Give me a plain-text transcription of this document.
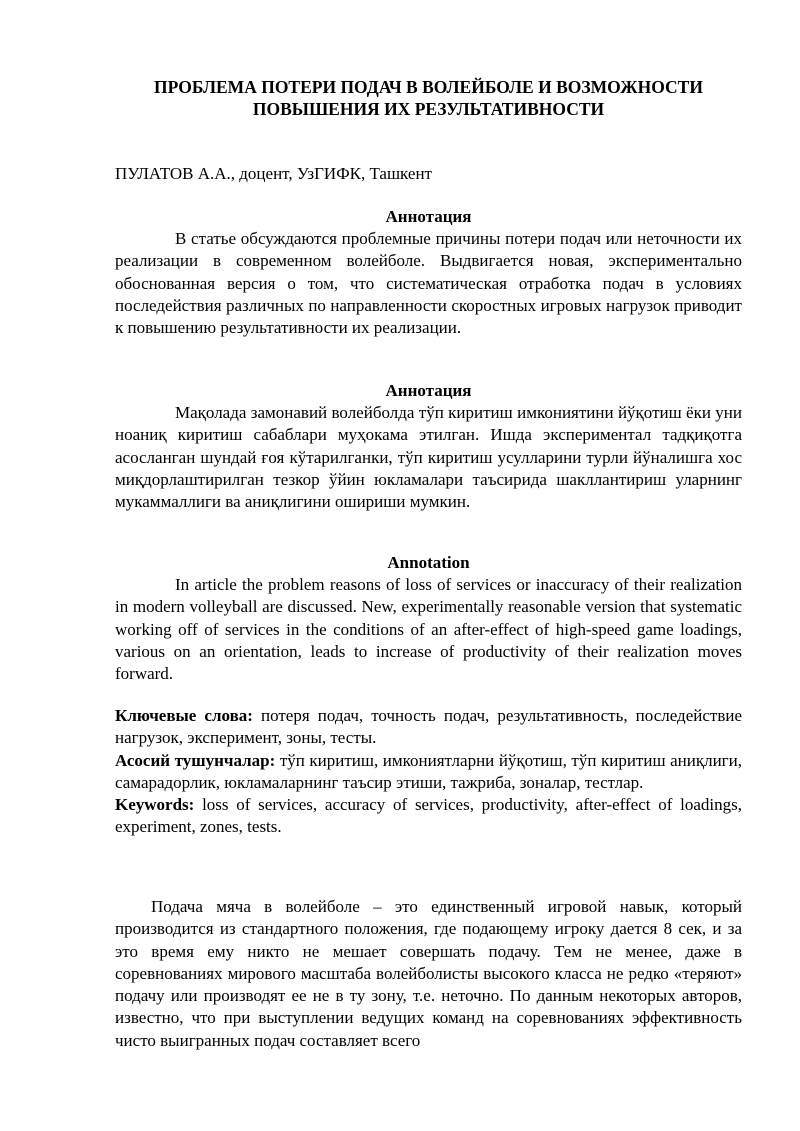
ПРОБЛЕМА ПОТЕРИ ПОДАЧ В ВОЛЕЙБОЛЕ И ВОЗМОЖНОСТИ ПОВЫШЕНИЯ ИХ РЕЗУЛЬТАТИВНОСТИ

ПУЛАТОВ А.А., доцент, УзГИФК, Ташкент

Аннотация

В статье обсуждаются проблемные причины потери подач или неточности их реализации в современном волейболе. Выдвигается новая, экспериментально обоснованная версия о том, что систематическая отработка подач в условиях последействия различных по направленности скоростных игровых нагрузок приводит к повышению результативности их реализации.

Аннотация

Мақолада замонавий волейболда тўп киритиш имкониятини йўқотиш ёки уни ноаниқ киритиш сабаблари муҳокама этилган. Ишда экспериментал тадқиқотга асосланган шундай ғоя кўтарилганки, тўп киритиш усулларини турли йўналишга хос миқдорлаштирилган тезкор ўйин юкламалари таъсирида шакллантириш уларнинг мукаммаллиги ва аниқлигини ошириши мумкин.

Annotation

In article the problem reasons of loss of services or inaccuracy of their realization in modern volleyball are discussed. New, experimentally reasonable version that systematic working off of services in the conditions of an after-effect of high-speed game loadings, various on an orientation, leads to increase of productivity of their realization moves forward.

Ключевые слова: потеря подач, точность подач, результативность, последействие нагрузок, эксперимент, зоны, тесты.

Асосий тушунчалар: тўп киритиш, имкониятларни йўқотиш, тўп киритиш аниқлиги, самарадорлик, юкламаларнинг таъсир этиши, тажриба, зоналар, тестлар.

Keywords: loss of services, accuracy of services, productivity, after-effect of loadings, experiment, zones, tests.

Подача мяча в волейболе – это единственный игровой навык, который производится из стандартного положения, где подающему игроку дается 8 сек, и за это время ему никто не мешает совершать подачу. Тем не менее, даже в соревнованиях мирового масштаба волейболисты высокого класса не редко «теряют» подачу или производят ее не в ту зону, т.е. неточно. По данным некоторых авторов, известно, что при выступлении ведущих команд на соревнованиях эффективность чисто выигранных подач составляет всего
